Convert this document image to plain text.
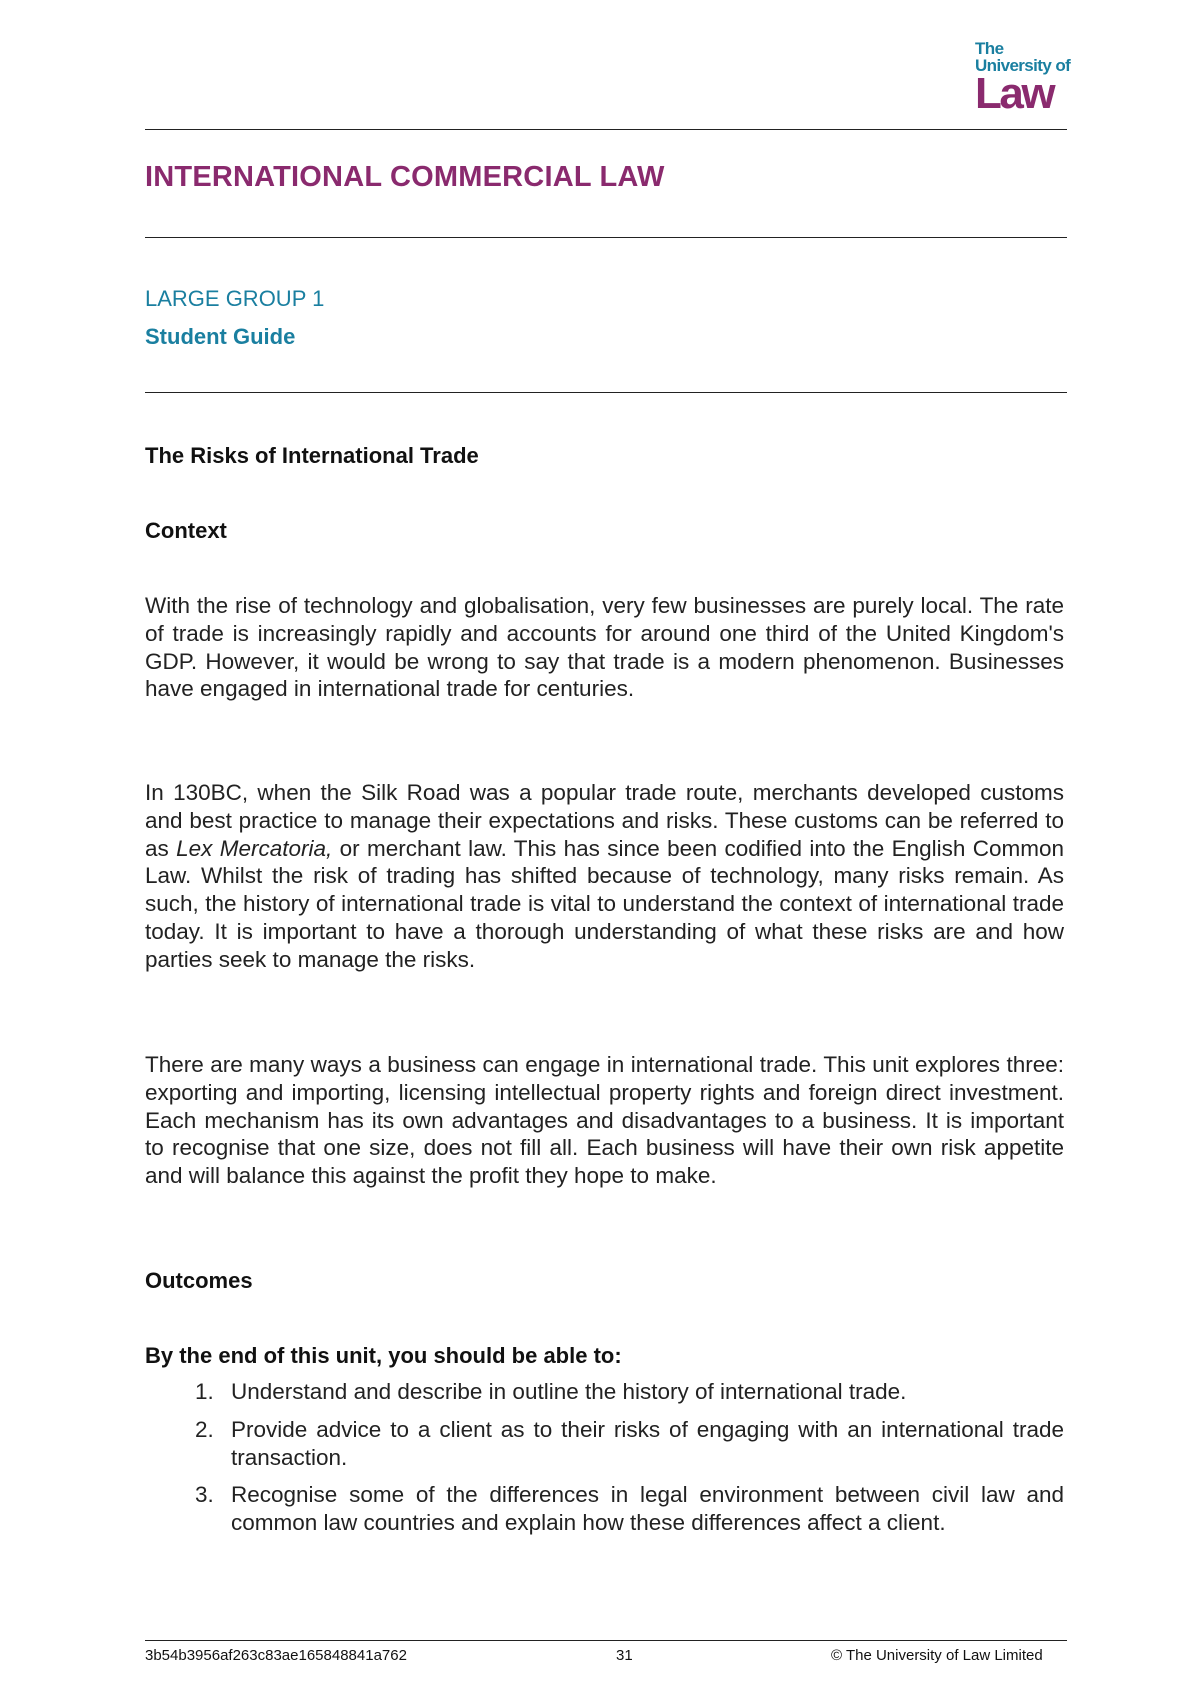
The
University of
Law
INTERNATIONAL COMMERCIAL LAW
LARGE GROUP 1
Student Guide
The Risks of International Trade
Context

With the rise of technology and globalisation, very few businesses are purely local. The rate of trade is increasingly rapidly and accounts for around one third of the United Kingdom's GDP. However, it would be wrong to say that trade is a modern phenomenon. Businesses have engaged in international trade for centuries.

In 130BC, when the Silk Road was a popular trade route, merchants developed customs and best practice to manage their expectations and risks. These customs can be referred to as Lex Mercatoria, or merchant law. This has since been codified into the English Common Law. Whilst the risk of trading has shifted because of technology, many risks remain. As such, the history of international trade is vital to understand the context of international trade today. It is important to have a thorough understanding of what these risks are and how parties seek to manage the risks.

There are many ways a business can engage in international trade. This unit explores three: exporting and importing, licensing intellectual property rights and foreign direct investment. Each mechanism has its own advantages and disadvantages to a business. It is important to recognise that one size, does not fill all. Each business will have their own risk appetite and will balance this against the profit they hope to make.

Outcomes
By the end of this unit, you should be able to:
1. Understand and describe in outline the history of international trade.
2. Provide advice to a client as to their risks of engaging with an international trade transaction.
3. Recognise some of the differences in legal environment between civil law and common law countries and explain how these differences affect a client.
3b54b3956af263c83ae165848841a762	31	© The University of Law Limited
